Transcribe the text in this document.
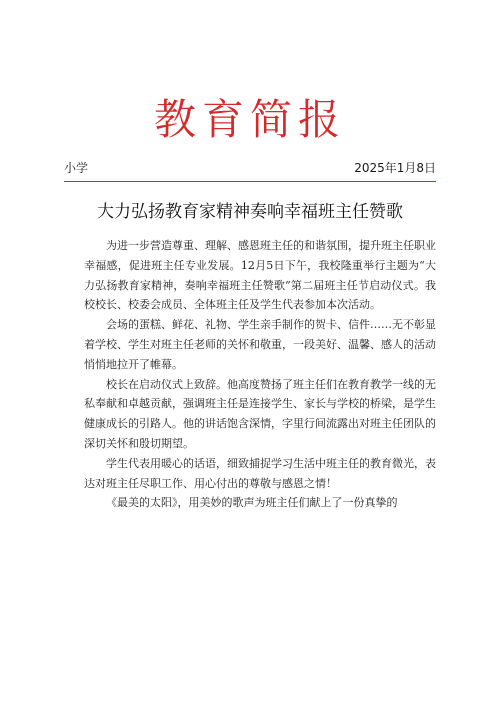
教育简报
小学	2025年1月8日
大力弘扬教育家精神奏响幸福班主任赞歌

为进一步营造尊重、理解、感恩班主任的和谐氛围，提升班主任职业幸福感，促进班主任专业发展。12月5日下午，我校隆重举行主题为“大力弘扬教育家精神，奏响幸福班主任赞歌”第二届班主任节启动仪式。我校校长、校委会成员、全体班主任及学生代表参加本次活动。

会场的蛋糕、鲜花、礼物、学生亲手制作的贺卡、信件……无不彰显着学校、学生对班主任老师的关怀和敬重，一段美好、温馨、感人的活动悄悄地拉开了帷幕。

校长在启动仪式上致辞。他高度赞扬了班主任们在教育教学一线的无私奉献和卓越贡献，强调班主任是连接学生、家长与学校的桥梁，是学生健康成长的引路人。他的讲话饱含深情，字里行间流露出对班主任团队的深切关怀和殷切期望。

学生代表用暖心的话语，细致捕捉学习生活中班主任的教育微光，表达对班主任尽职工作、用心付出的尊敬与感恩之情！

《最美的太阳》，用美妙的歌声为班主任们献上了一份真挚的
